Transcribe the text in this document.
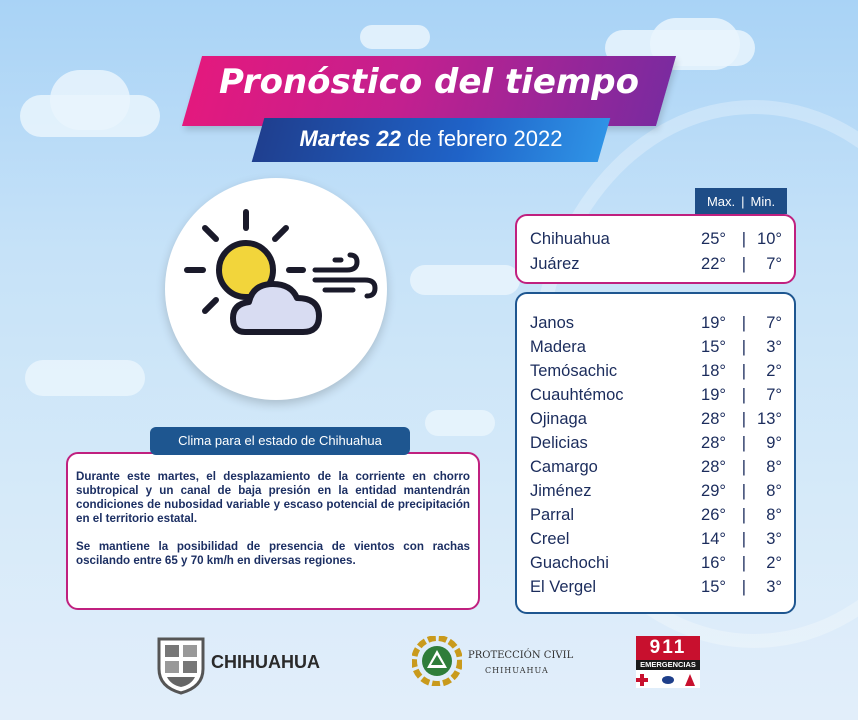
Pronóstico del tiempo
Martes 22 de febrero 2022

Durante este martes, el desplazamiento de la corriente en chorro subtropical y un canal de baja presión en la entidad mantendrán condiciones de nubosidad variable y escaso potencial de precipitación en el territorio estatal.

Se mantiene la posibilidad de presencia de vientos con rachas oscilando entre 65 y 70 km/h en diversas regiones.

Clima para el estado de Chihuahua
Max. | Min.
Chihuahua	25° | 10°
Juárez	22° | 7°
Janos	19° | 7°
Madera	15° | 3°
Temósachic	18° | 2°
Cuauhtémoc	19° | 7°
Ojinaga	28° | 13°
Delicias	28° | 9°
Camargo	28° | 8°
Jiménez	29° | 8°
Parral	26° | 8°
Creel	14° | 3°
Guachochi	16° | 2°
El Vergel	15° | 3°
CHIHUAHUA	PROTECCIÓN CIVIL
CHIHUAHUA
911
EMERGENCIAS
